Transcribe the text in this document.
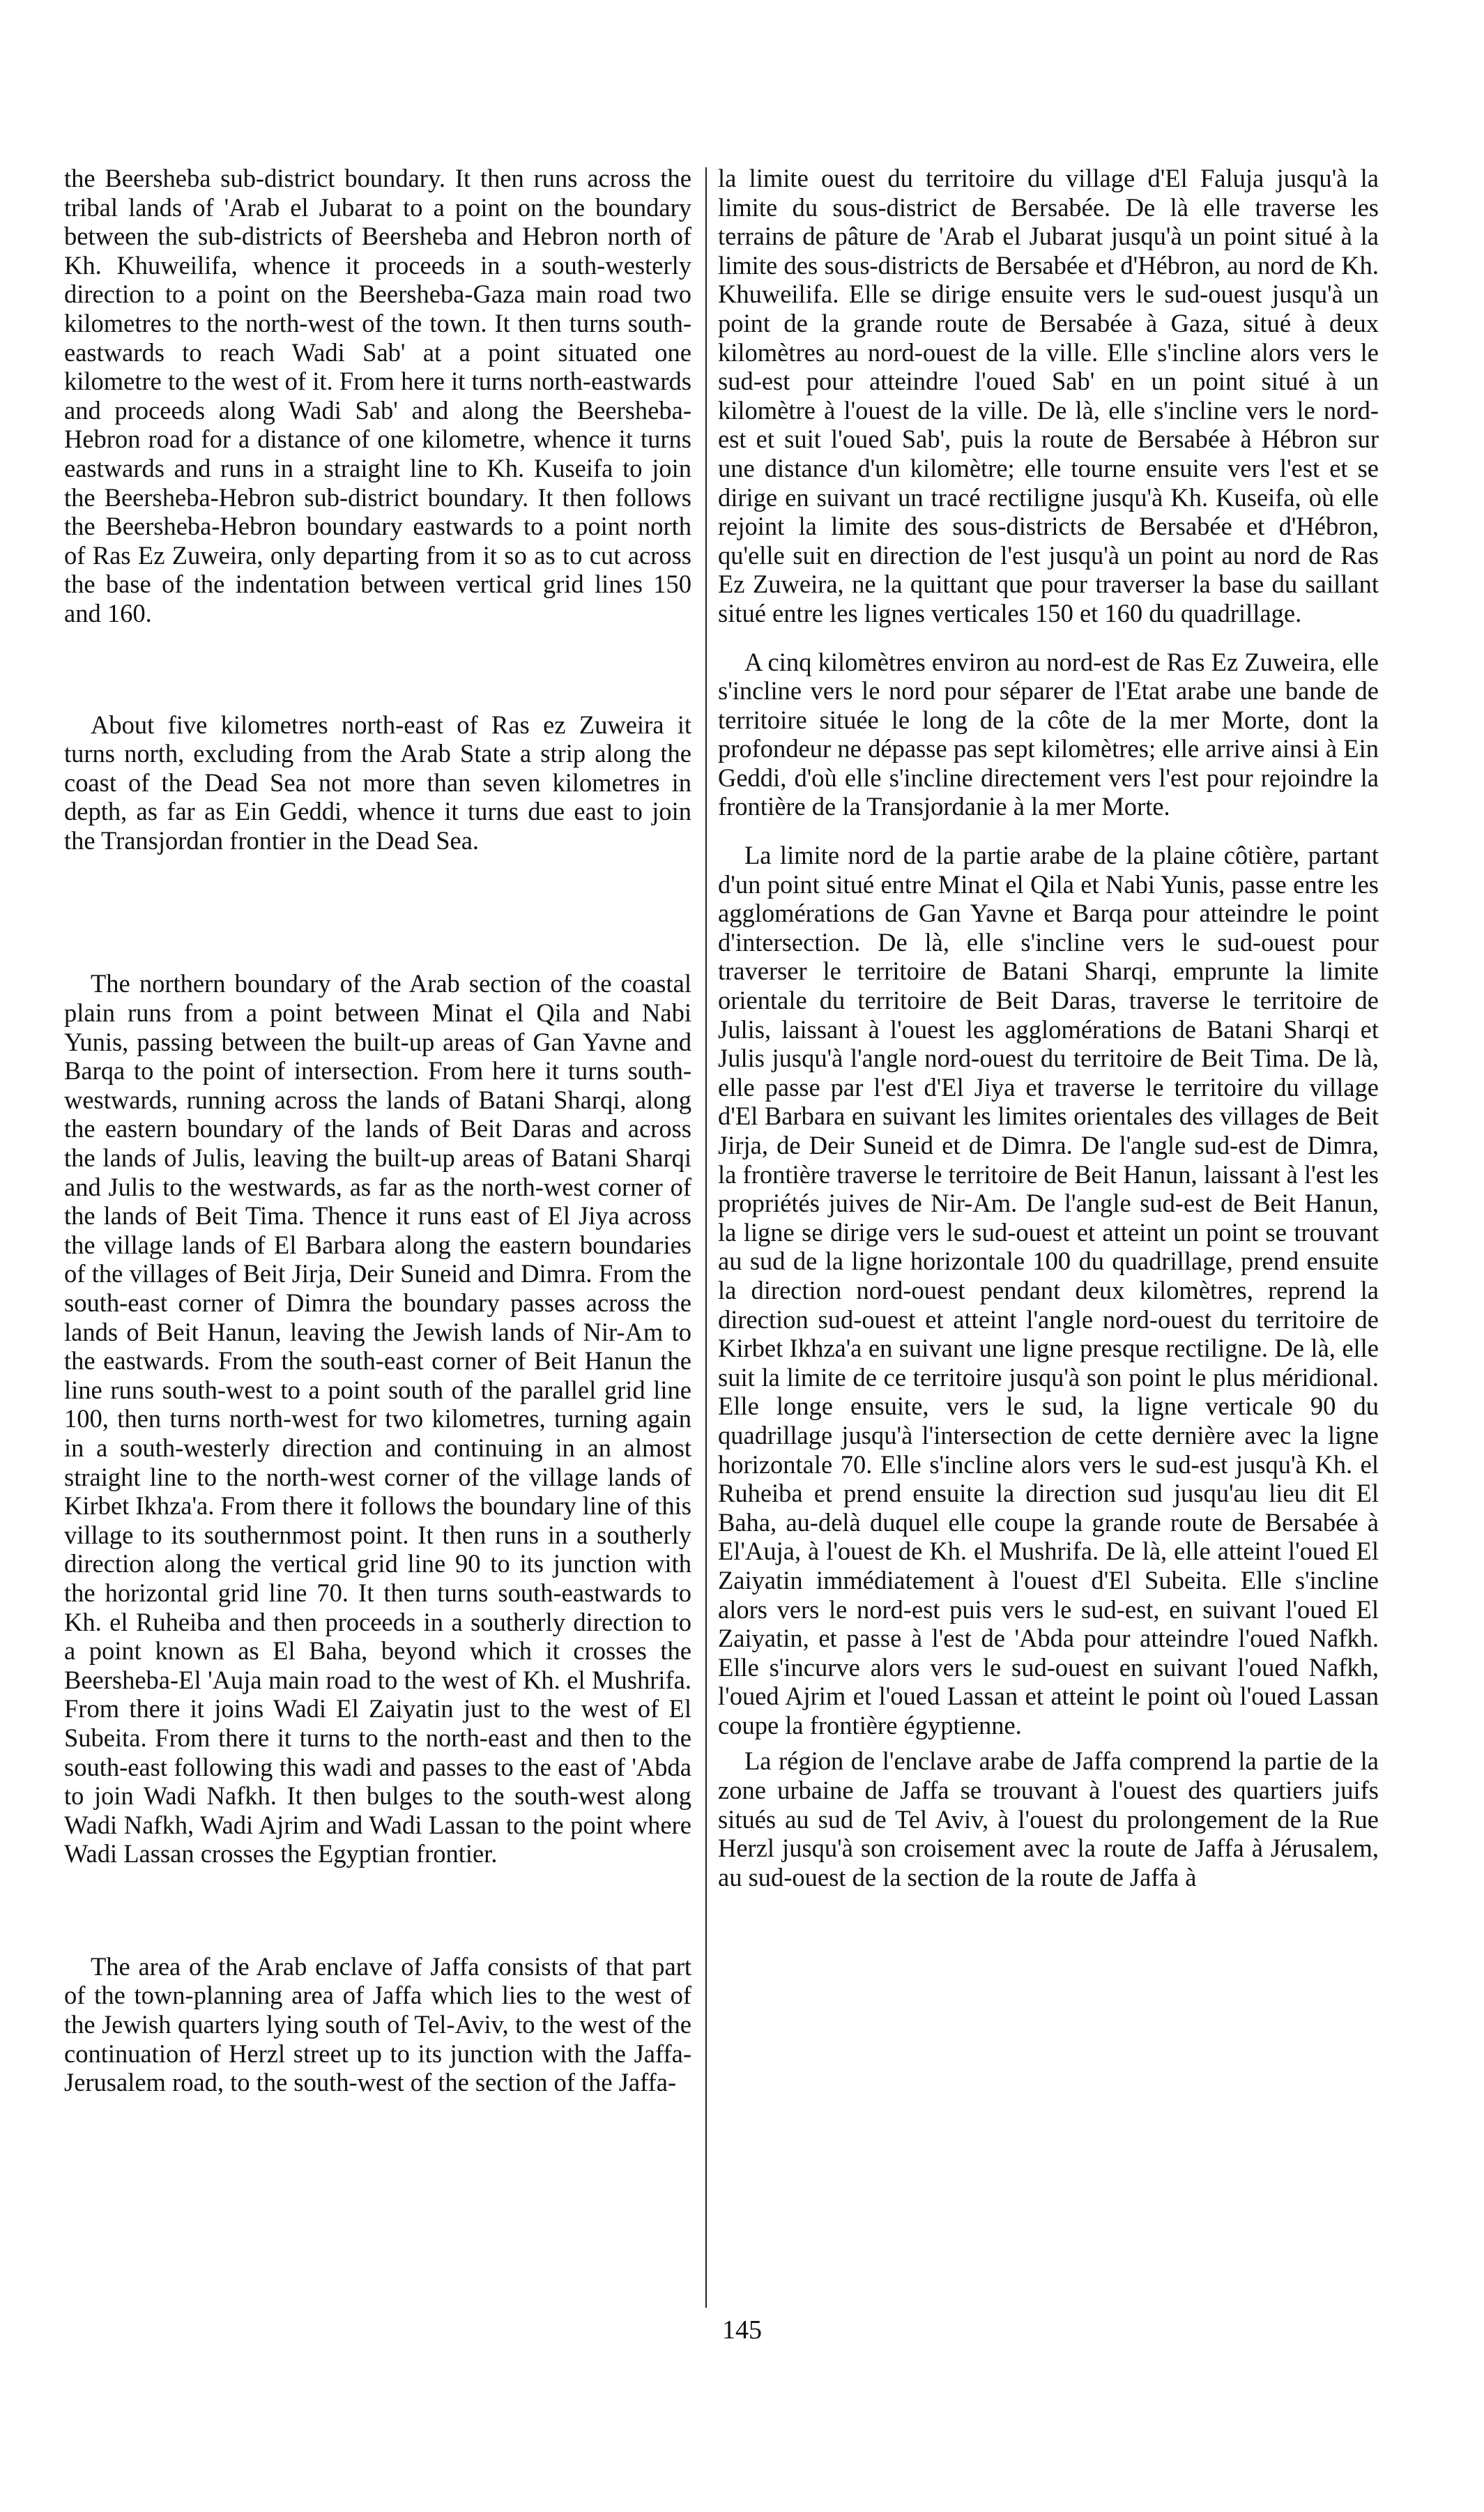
the Beersheba sub-district boundary. It then runs across the tribal lands of 'Arab el Jubarat to a point on the boundary between the sub-districts of Beersheba and Hebron north of Kh. Khuweilifa, whence it proceeds in a south-westerly direction to a point on the Beersheba-Gaza main road two kilometres to the north-west of the town. It then turns south-eastwards to reach Wadi Sab' at a point situated one kilometre to the west of it. From here it turns north-eastwards and proceeds along Wadi Sab' and along the Beersheba-Hebron road for a distance of one kilometre, whence it turns eastwards and runs in a straight line to Kh. Kuseifa to join the Beersheba-Hebron sub-district boundary. It then follows the Beersheba-Hebron boundary eastwards to a point north of Ras Ez Zuweira, only departing from it so as to cut across the base of the indentation between vertical grid lines 150 and 160.

About five kilometres north-east of Ras ez Zuweira it turns north, excluding from the Arab State a strip along the coast of the Dead Sea not more than seven kilometres in depth, as far as Ein Geddi, whence it turns due east to join the Transjordan frontier in the Dead Sea.

The northern boundary of the Arab section of the coastal plain runs from a point between Minat el Qila and Nabi Yunis, passing between the built-up areas of Gan Yavne and Barqa to the point of intersection. From here it turns south-westwards, running across the lands of Batani Sharqi, along the eastern boundary of the lands of Beit Daras and across the lands of Julis, leaving the built-up areas of Batani Sharqi and Julis to the westwards, as far as the north-west corner of the lands of Beit Tima. Thence it runs east of El Jiya across the village lands of El Barbara along the eastern boundaries of the villages of Beit Jirja, Deir Suneid and Dimra. From the south-east corner of Dimra the boundary passes across the lands of Beit Hanun, leaving the Jewish lands of Nir-Am to the eastwards. From the south-east corner of Beit Hanun the line runs south-west to a point south of the parallel grid line 100, then turns north-west for two kilometres, turning again in a south-westerly direction and continuing in an almost straight line to the north-west corner of the village lands of Kirbet Ikhza'a. From there it follows the boundary line of this village to its southernmost point. It then runs in a southerly direction along the vertical grid line 90 to its junction with the horizontal grid line 70. It then turns south-eastwards to Kh. el Ruheiba and then proceeds in a southerly direction to a point known as El Baha, beyond which it crosses the Beersheba-El 'Auja main road to the west of Kh. el Mushrifa. From there it joins Wadi El Zaiyatin just to the west of El Subeita. From there it turns to the north-east and then to the south-east following this wadi and passes to the east of 'Abda to join Wadi Nafkh. It then bulges to the south-west along Wadi Nafkh, Wadi Ajrim and Wadi Lassan to the point where Wadi Lassan crosses the Egyptian frontier.

The area of the Arab enclave of Jaffa consists of that part of the town-planning area of Jaffa which lies to the west of the Jewish quarters lying south of Tel-Aviv, to the west of the continuation of Herzl street up to its junction with the Jaffa-Jerusalem road, to the south-west of the section of the Jaffa-

la limite ouest du territoire du village d'El Faluja jusqu'à la limite du sous-district de Bersabée. De là elle traverse les terrains de pâture de 'Arab el Jubarat jusqu'à un point situé à la limite des sous-districts de Bersabée et d'Hébron, au nord de Kh. Khuweilifa. Elle se dirige ensuite vers le sud-ouest jusqu'à un point de la grande route de Bersabée à Gaza, situé à deux kilomètres au nord-ouest de la ville. Elle s'incline alors vers le sud-est pour atteindre l'oued Sab' en un point situé à un kilomètre à l'ouest de la ville. De là, elle s'incline vers le nord-est et suit l'oued Sab', puis la route de Bersabée à Hébron sur une distance d'un kilomètre; elle tourne ensuite vers l'est et se dirige en suivant un tracé rectiligne jusqu'à Kh. Kuseifa, où elle rejoint la limite des sous-districts de Bersabée et d'Hébron, qu'elle suit en direction de l'est jusqu'à un point au nord de Ras Ez Zuweira, ne la quittant que pour traverser la base du saillant situé entre les lignes verticales 150 et 160 du quadrillage.

A cinq kilomètres environ au nord-est de Ras Ez Zuweira, elle s'incline vers le nord pour séparer de l'Etat arabe une bande de territoire située le long de la côte de la mer Morte, dont la profondeur ne dépasse pas sept kilomètres; elle arrive ainsi à Ein Geddi, d'où elle s'incline directement vers l'est pour rejoindre la frontière de la Transjordanie à la mer Morte.

La limite nord de la partie arabe de la plaine côtière, partant d'un point situé entre Minat el Qila et Nabi Yunis, passe entre les agglomérations de Gan Yavne et Barqa pour atteindre le point d'intersection. De là, elle s'incline vers le sud-ouest pour traverser le territoire de Batani Sharqi, emprunte la limite orientale du territoire de Beit Daras, traverse le territoire de Julis, laissant à l'ouest les agglomérations de Batani Sharqi et Julis jusqu'à l'angle nord-ouest du territoire de Beit Tima. De là, elle passe par l'est d'El Jiya et traverse le territoire du village d'El Barbara en suivant les limites orientales des villages de Beit Jirja, de Deir Suneid et de Dimra. De l'angle sud-est de Dimra, la frontière traverse le territoire de Beit Hanun, laissant à l'est les propriétés juives de Nir-Am. De l'angle sud-est de Beit Hanun, la ligne se dirige vers le sud-ouest et atteint un point se trouvant au sud de la ligne horizontale 100 du quadrillage, prend ensuite la direction nord-ouest pendant deux kilomètres, reprend la direction sud-ouest et atteint l'angle nord-ouest du territoire de Kirbet Ikhza'a en suivant une ligne presque rectiligne. De là, elle suit la limite de ce territoire jusqu'à son point le plus méridional. Elle longe ensuite, vers le sud, la ligne verticale 90 du quadrillage jusqu'à l'intersection de cette dernière avec la ligne horizontale 70. Elle s'incline alors vers le sud-est jusqu'à Kh. el Ruheiba et prend ensuite la direction sud jusqu'au lieu dit El Baha, au-delà duquel elle coupe la grande route de Bersabée à El'Auja, à l'ouest de Kh. el Mushrifa. De là, elle atteint l'oued El Zaiyatin immédiatement à l'ouest d'El Subeita. Elle s'incline alors vers le nord-est puis vers le sud-est, en suivant l'oued El Zaiyatin, et passe à l'est de 'Abda pour atteindre l'oued Nafkh. Elle s'incurve alors vers le sud-ouest en suivant l'oued Nafkh, l'oued Ajrim et l'oued Lassan et atteint le point où l'oued Lassan coupe la frontière égyptienne.

La région de l'enclave arabe de Jaffa comprend la partie de la zone urbaine de Jaffa se trouvant à l'ouest des quartiers juifs situés au sud de Tel Aviv, à l'ouest du prolongement de la Rue Herzl jusqu'à son croisement avec la route de Jaffa à Jérusalem, au sud-ouest de la section de la route de Jaffa à

145
